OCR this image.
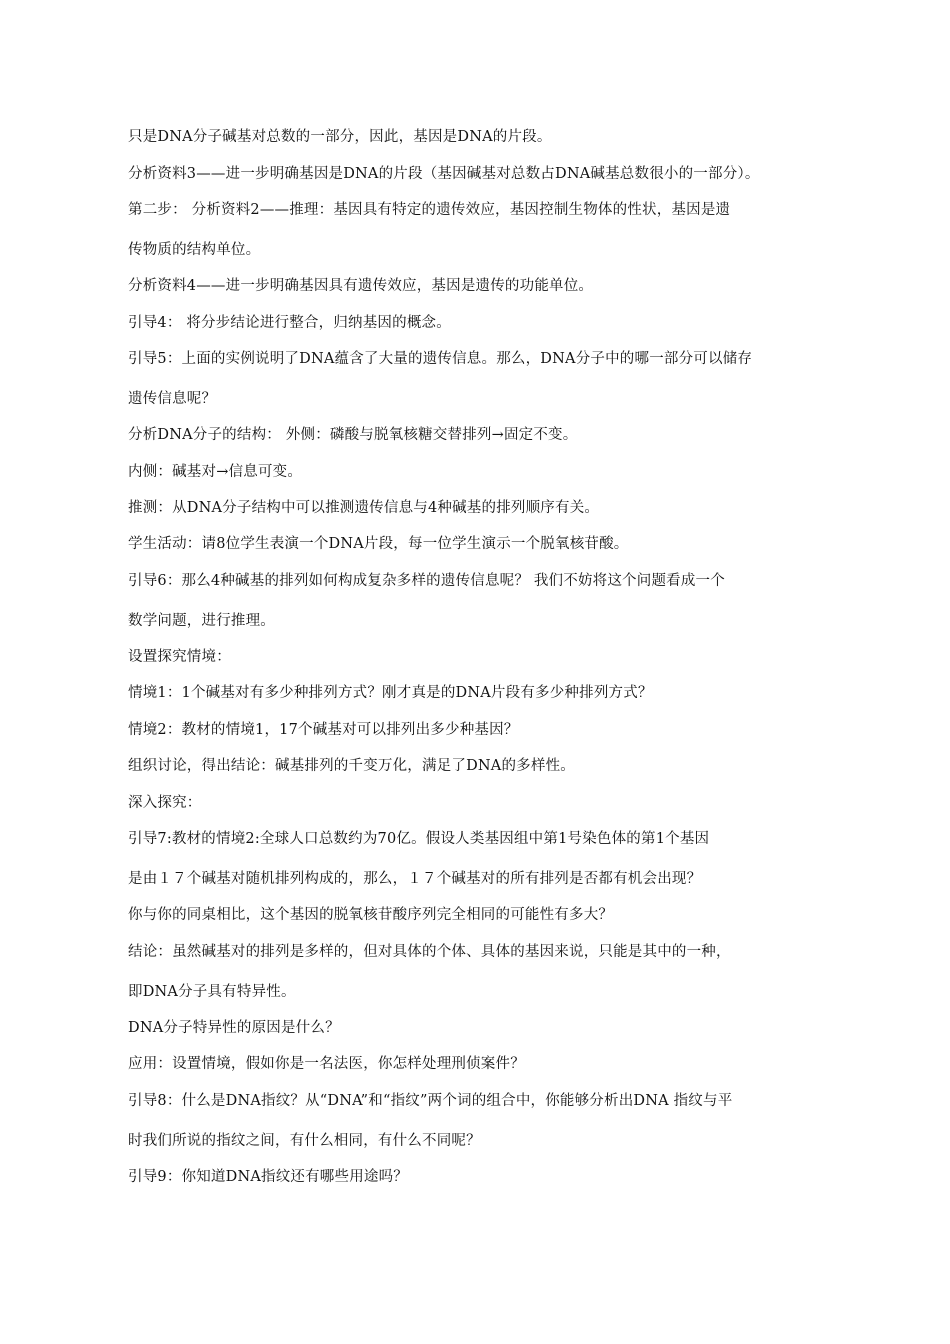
只是DNA分子碱基对总数的一部分，因此，基因是DNA的片段。
分析资料3——进一步明确基因是DNA的片段（基因碱基对总数占DNA碱基总数很小的一部分）。
第二步： 分析资料2——推理：基因具有特定的遗传效应，基因控制生物体的性状，基因是遗
传物质的结构单位。
分析资料4——进一步明确基因具有遗传效应，基因是遗传的功能单位。
引导4： 将分步结论进行整合，归纳基因的概念。
引导5：上面的实例说明了DNA蕴含了大量的遗传信息。那么，DNA分子中的哪一部分可以储存
遗传信息呢？
分析DNA分子的结构： 外侧：磷酸与脱氧核糖交替排列→固定不变。
内侧：碱基对→信息可变。
推测：从DNA分子结构中可以推测遗传信息与4种碱基的排列顺序有关。
学生活动：请8位学生表演一个DNA片段，每一位学生演示一个脱氧核苷酸。
引导6：那么4种碱基的排列如何构成复杂多样的遗传信息呢？ 我们不妨将这个问题看成一个
数学问题，进行推理。
设置探究情境：
情境1：1个碱基对有多少种排列方式？刚才真是的DNA片段有多少种排列方式？
情境2：教材的情境1，17个碱基对可以排列出多少种基因？
组织讨论，得出结论：碱基排列的千变万化，满足了DNA的多样性。
深入探究：
引导7:教材的情境2:全球人口总数约为70亿。假设人类基因组中第1号染色体的第1个基因
是由１７个碱基对随机排列构成的，那么，１７个碱基对的所有排列是否都有机会出现？
你与你的同桌相比，这个基因的脱氧核苷酸序列完全相同的可能性有多大？
结论：虽然碱基对的排列是多样的，但对具体的个体、具体的基因来说，只能是其中的一种，
即DNA分子具有特异性。
DNA分子特异性的原因是什么？
应用：设置情境，假如你是一名法医，你怎样处理刑侦案件？
引导8：什么是DNA指纹？从“DNA”和“指纹”两个词的组合中，你能够分析出DNA 指纹与平
时我们所说的指纹之间，有什么相同，有什么不同呢？
引导9：你知道DNA指纹还有哪些用途吗？
